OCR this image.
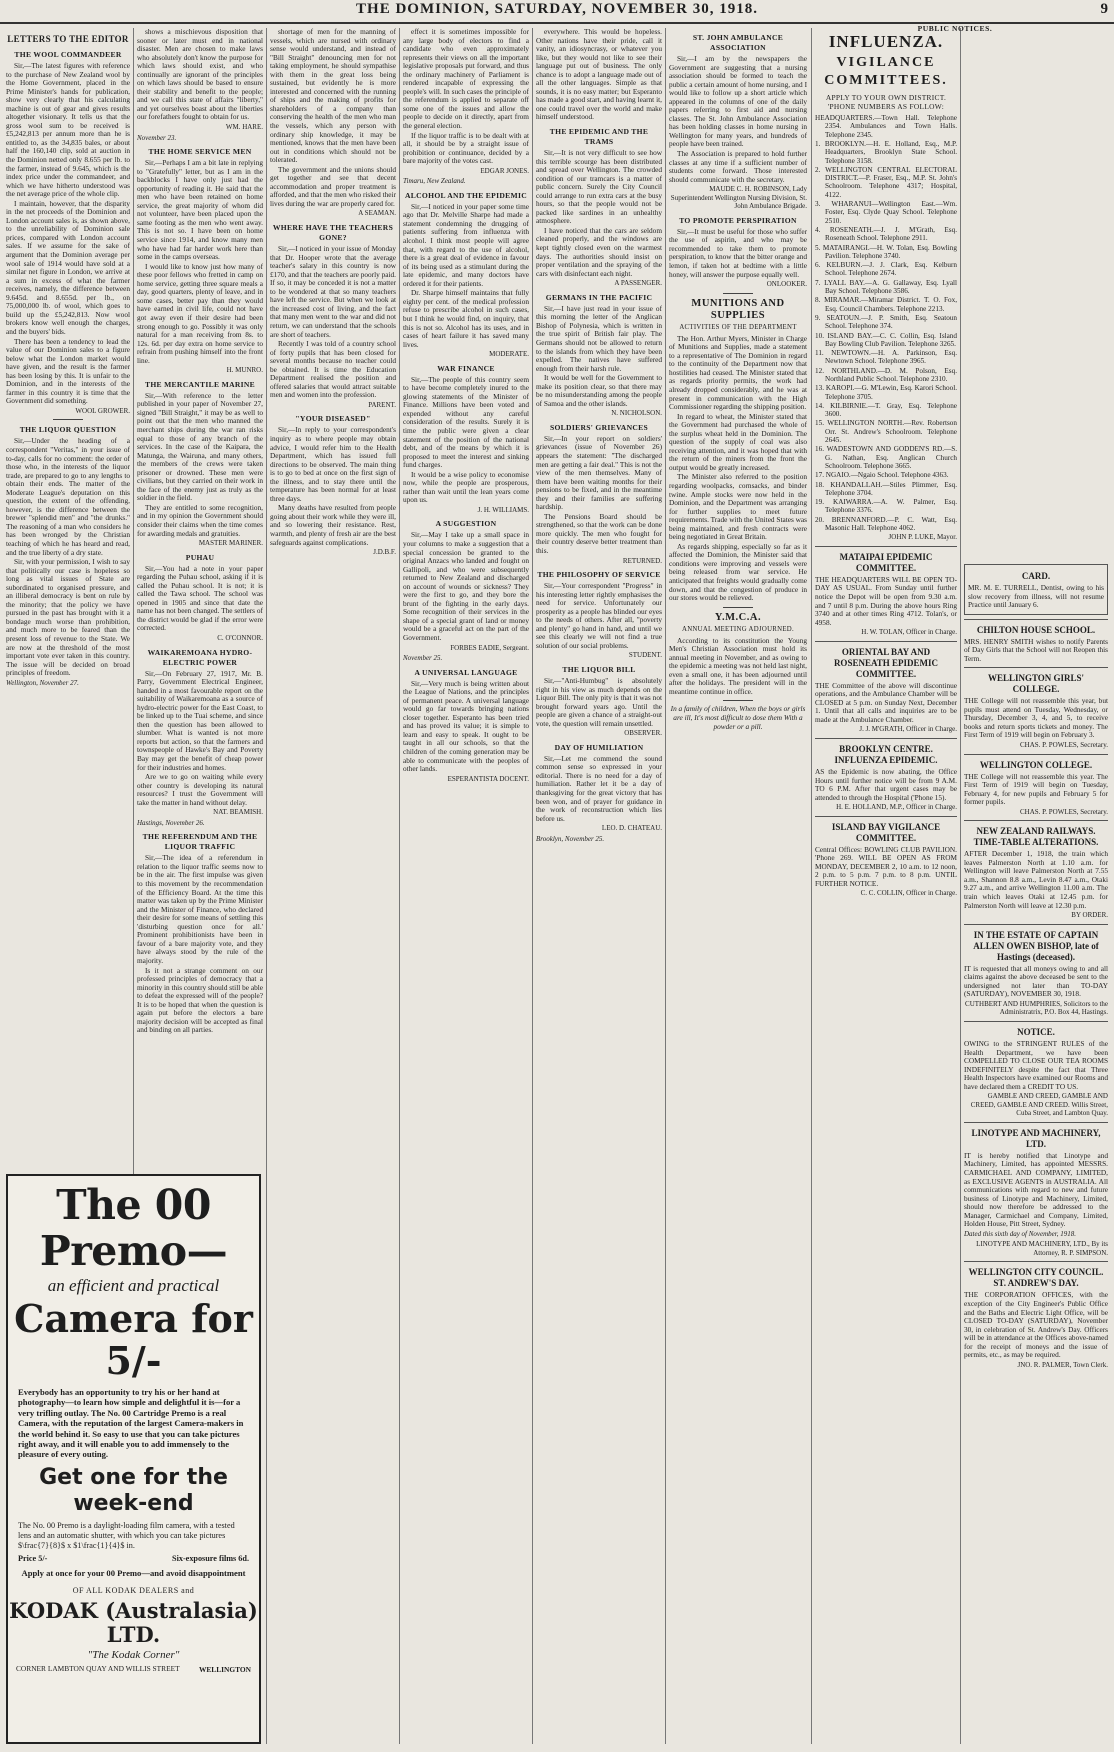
THE DOMINION, SATURDAY, NOVEMBER 30, 1918.	9
LETTERS TO THE EDITOR
THE WOOL COMMANDEER

Sir,—The latest figures with reference to the purchase of New Zealand wool by the Home Government, placed in the Prime Minister's hands for publication, show very clearly that his calculating machine is out of gear and gives results altogether visionary. It tells us that the gross wool sum to be received is £5,242,813 per annum more than he is entitled to, as the 34,835 bales, or about half the 160,140 clip, sold at auction in the Dominion netted only 8.655 per lb. to the farmer, instead of 9.645, which is the index price under the commandeer, and which we have hitherto understood was the net average price of the whole clip.

I maintain, however, that the disparity in the net proceeds of the Dominion and London account sales is, as shown above, to the unreliability of Dominion sale prices, compared with London account sales. If we assume for the sake of argument that the Dominion average per wool sale of 1914 would have sold at a similar net figure in London, we arrive at a sum in excess of what the farmer receives, namely, the difference between 9.645d. and 8.655d. per lb., on 75,000,000 lb. of wool, which goes to build up the £5,242,813. Now wool brokers know well enough the charges, and the buyers' bids.

There has been a tendency to lead the value of our Dominion sales to a figure below what the London market would have given, and the result is the farmer has been losing by this. It is unfair to the Dominion, and in the interests of the farmer in this country it is time that the Government did something.

WOOL GROWER.
THE LIQUOR QUESTION

Sir,—Under the heading of a correspondent "Veritas," in your issue of to-day, calls for no comment: the order of those who, in the interests of the liquor trade, are prepared to go to any lengths to obtain their ends. The matter of the Moderate League's deputation on this question, the extent of the offending, however, is the difference between the brewer "splendid men" and "the drunks." The reasoning of a man who considers he has been wronged by the Christian teaching of which he has heard and read, and the true liberty of a dry state.

Sir, with your permission, I wish to say that politically our case is hopeless so long as vital issues of State are subordinated to organised pressure, and an illiberal democracy is bent on rule by the minority; that the policy we have pursued in the past has brought with it a bondage much worse than prohibition, and much more to be feared than the present loss of revenue to the State. We are now at the threshold of the most important vote ever taken in this country. The issue will be decided on broad principles of freedom.

Wellington, November 27.
The 00 Premo—
an efficient and practical
Camera for 5/-
Everybody has an opportunity to try his or her hand at photography—to learn how simple and delightful it is—for a very trifling outlay. The No. 00 Cartridge Premo is a real Camera, with the reputation of the largest Camera-makers in the world behind it. So easy to use that you can take pictures right away, and it will enable you to add immensely to the pleasure of every outing.
Get one for the week-end
The No. 00 Premo is a daylight-loading film camera, with a tested lens and an automatic shutter, with which you can take pictures $\frac{7}{8}$ x $1\frac{1}{4}$ in.
Price 5/-	Six-exposure films 6d.
Apply at once for your 00 Premo—and avoid disappointment
OF ALL KODAK DEALERS and
KODAK (Australasia) LTD.
"The Kodak Corner"
CORNER LAMBTON QUAY AND WILLIS STREET	WELLINGTON

shows a mischievous disposition that sooner or later must end in national disaster. Men are chosen to make laws who absolutely don't know the purpose for which laws should exist, and who continually are ignorant of the principles on which laws should be based to ensure their stability and benefit to the people; and we call this state of affairs "liberty," and yet ourselves boast about the liberties our forefathers fought to obtain for us.

WM. HARE.
November 23.
THE HOME SERVICE MEN

Sir,—Perhaps I am a bit late in replying to "Gratefully" letter, but as I am in the backblocks I have only just had the opportunity of reading it. He said that the men who have been retained on home service, the great majority of whom did not volunteer, have been placed upon the same footing as the men who went away. This is not so. I have been on home service since 1914, and know many men who have had far harder work here than some in the camps overseas.

I would like to know just how many of these poor fellows who fretted in camp on home service, getting three square meals a day, good quarters, plenty of leave, and in some cases, better pay than they would have earned in civil life, could not have got away even if their desire had been strong enough to go. Possibly it was only natural for a man receiving from 8s. to 12s. 6d. per day extra on home service to refrain from pushing himself into the front line.

H. MUNRO.
THE MERCANTILE MARINE

Sir,—With reference to the letter published in your paper of November 27, signed "Bill Straight," it may be as well to point out that the men who manned the merchant ships during the war ran risks equal to those of any branch of the services. In the case of the Kaipara, the Matunga, the Wairuna, and many others, the members of the crews were taken prisoner or drowned. These men were civilians, but they carried on their work in the face of the enemy just as truly as the soldier in the field.

They are entitled to some recognition, and in my opinion the Government should consider their claims when the time comes for awarding medals and gratuities.

MASTER MARINER.
PUHAU

Sir,—You had a note in your paper regarding the Puhau school, asking if it is called the Puhau school. It is not; it is called the Tawa school. The school was opened in 1905 and since that date the name has not been changed. The settlers of the district would be glad if the error were corrected.

C. O'CONNOR.
WAIKAREMOANA HYDRO-ELECTRIC POWER

Sir,—On February 27, 1917, Mr. B. Parry, Government Electrical Engineer, handed in a most favourable report on the suitability of Waikaremoana as a source of hydro-electric power for the East Coast, to be linked up to the Tuai scheme, and since then the question has been allowed to slumber. What is wanted is not more reports but action, so that the farmers and townspeople of Hawke's Bay and Poverty Bay may get the benefit of cheap power for their industries and homes.

Are we to go on waiting while every other country is developing its natural resources? I trust the Government will take the matter in hand without delay.

NAT. BEAMISH.
Hastings, November 26.
THE REFERENDUM AND THE LIQUOR TRAFFIC

Sir,—The idea of a referendum in relation to the liquor traffic seems now to be in the air. The first impulse was given to this movement by the recommendation of the Efficiency Board. At the time this matter was taken up by the Prime Minister and the Minister of Finance, who declared their desire for some means of settling this 'disturbing question once for all.' Prominent prohibitionists have been in favour of a bare majority vote, and they have always stood by the rule of the majority.

Is it not a strange comment on our professed principles of democracy that a minority in this country should still be able to defeat the expressed will of the people? It is to be hoped that when the question is again put before the electors a bare majority decision will be accepted as final and binding on all parties.

shortage of men for the manning of vessels, which are nursed with ordinary sense would understand, and instead of "Bill Straight" denouncing men for not taking employment, he should sympathise with them in the great loss being sustained, but evidently he is more interested and concerned with the running of ships and the making of profits for shareholders of a company than conserving the health of the men who man the vessels, which any person with ordinary ship knowledge, it may be mentioned, knows that the men have been out in conditions which should not be tolerated.

The government and the unions should get together and see that decent accommodation and proper treatment is afforded, and that the men who risked their lives during the war are properly cared for.

A SEAMAN.
WHERE HAVE THE TEACHERS GONE?

Sir,—I noticed in your issue of Monday that Dr. Hooper wrote that the average teacher's salary in this country is now £170, and that the teachers are poorly paid. If so, it may be conceded it is not a matter to be wondered at that so many teachers have left the service. But when we look at the increased cost of living, and the fact that many men went to the war and did not return, we can understand that the schools are short of teachers.

Recently I was told of a country school of forty pupils that has been closed for several months because no teacher could be obtained. It is time the Education Department realised the position and offered salaries that would attract suitable men and women into the profession.

PARENT.
"YOUR DISEASED"

Sir,—In reply to your correspondent's inquiry as to where people may obtain advice, I would refer him to the Health Department, which has issued full directions to be observed. The main thing is to go to bed at once on the first sign of the illness, and to stay there until the temperature has been normal for at least three days.

Many deaths have resulted from people going about their work while they were ill, and so lowering their resistance. Rest, warmth, and plenty of fresh air are the best safeguards against complications.

J.D.B.F.

effect it is sometimes impossible for any large body of electors to find a candidate who even approximately represents their views on all the important legislative proposals put forward, and thus the ordinary machinery of Parliament is rendered incapable of expressing the people's will. In such cases the principle of the referendum is applied to separate off some one of the issues and allow the people to decide on it directly, apart from the general election.

If the liquor traffic is to be dealt with at all, it should be by a straight issue of prohibition or continuance, decided by a bare majority of the votes cast.

EDGAR JONES.
Timaru, New Zealand.
ALCOHOL AND THE EPIDEMIC

Sir,—I noticed in your paper some time ago that Dr. Melville Sharpe had made a statement condemning the drugging of patients suffering from influenza with alcohol. I think most people will agree that, with regard to the use of alcohol, there is a great deal of evidence in favour of its being used as a stimulant during the late epidemic, and many doctors have ordered it for their patients.

Dr. Sharpe himself maintains that fully eighty per cent. of the medical profession refuse to prescribe alcohol in such cases, but I think he would find, on inquiry, that this is not so. Alcohol has its uses, and in cases of heart failure it has saved many lives.

MODERATE.
WAR FINANCE

Sir,—The people of this country seem to have become completely inured to the glowing statements of the Minister of Finance. Millions have been voted and expended without any careful consideration of the results. Surely it is time the public were given a clear statement of the position of the national debt, and of the means by which it is proposed to meet the interest and sinking fund charges.

It would be a wise policy to economise now, while the people are prosperous, rather than wait until the lean years come upon us.

J. H. WILLIAMS.
A SUGGESTION

Sir,—May I take up a small space in your columns to make a suggestion that a special concession be granted to the original Anzacs who landed and fought on Gallipoli, and who were subsequently returned to New Zealand and discharged on account of wounds or sickness? They were the first to go, and they bore the brunt of the fighting in the early days. Some recognition of their services in the shape of a special grant of land or money would be a graceful act on the part of the Government.

FORBES EADIE, Sergeant.
November 25.
A UNIVERSAL LANGUAGE

Sir,—Very much is being written about the League of Nations, and the principles of permanent peace. A universal language would go far towards bringing nations closer together. Esperanto has been tried and has proved its value; it is simple to learn and easy to speak. It ought to be taught in all our schools, so that the children of the coming generation may be able to communicate with the peoples of other lands.

ESPERANTISTA DOCENT.

everywhere. This would be hopeless. Other nations have their pride, call it vanity, an idiosyncrasy, or whatever you like, but they would not like to see their language put out of business. The only chance is to adopt a language made out of all the other languages. Simple as that sounds, it is no easy matter; but Esperanto has made a good start, and having learnt it, one could travel over the world and make himself understood.

THE EPIDEMIC AND THE TRAMS

Sir,—It is not very difficult to see how this terrible scourge has been distributed and spread over Wellington. The crowded condition of our tramcars is a matter of public concern. Surely the City Council could arrange to run extra cars at the busy hours, so that the people would not be packed like sardines in an unhealthy atmosphere.

I have noticed that the cars are seldom cleaned properly, and the windows are kept tightly closed even on the warmest days. The authorities should insist on proper ventilation and the spraying of the cars with disinfectant each night.

A PASSENGER.
GERMANS IN THE PACIFIC

Sir,—I have just read in your issue of this morning the letter of the Anglican Bishop of Polynesia, which is written in the true spirit of British fair play. The Germans should not be allowed to return to the islands from which they have been expelled. The natives have suffered enough from their harsh rule.

It would be well for the Government to make its position clear, so that there may be no misunderstanding among the people of Samoa and the other islands.

N. NICHOLSON.
SOLDIERS' GRIEVANCES

Sir,—In your report on soldiers' grievances (issue of November 26) appears the statement: "The discharged men are getting a fair deal." This is not the view of the men themselves. Many of them have been waiting months for their pensions to be fixed, and in the meantime they and their families are suffering hardship.

The Pensions Board should be strengthened, so that the work can be done more quickly. The men who fought for their country deserve better treatment than this.

RETURNED.
THE PHILOSOPHY OF SERVICE

Sir,—Your correspondent "Progress" in his interesting letter rightly emphasises the need for service. Unfortunately our prosperity as a people has blinded our eyes to the needs of others. After all, "poverty and plenty" go hand in hand, and until we see this clearly we will not find a true solution of our social problems.

STUDENT.
THE LIQUOR BILL

Sir,—"Anti-Humbug" is absolutely right in his view as much depends on the Liquor Bill. The only pity is that it was not brought forward years ago. Until the people are given a chance of a straight-out vote, the question will remain unsettled.

OBSERVER.
DAY OF HUMILIATION

Sir,—Let me commend the sound common sense so expressed in your editorial. There is no need for a day of humiliation. Rather let it be a day of thanksgiving for the great victory that has been won, and of prayer for guidance in the work of reconstruction which lies before us.

LEO. D. CHATEAU.
Brooklyn, November 25.
ST. JOHN AMBULANCE ASSOCIATION

Sir,—I am by the newspapers the Government are suggesting that a nursing association should be formed to teach the public a certain amount of home nursing, and I would like to follow up a short article which appeared in the columns of one of the daily papers referring to first aid and nursing classes. The St. John Ambulance Association has been holding classes in home nursing in Wellington for many years, and hundreds of people have been trained.

The Association is prepared to hold further classes at any time if a sufficient number of students come forward. Those interested should communicate with the secretary.

MAUDE C. H. ROBINSON, Lady Superintendent Wellington Nursing Division, St. John Ambulance Brigade.
TO PROMOTE PERSPIRATION

Sir,—It must be useful for those who suffer the use of aspirin, and who may be recommended to take them to promote perspiration, to know that the bitter orange and lemon, if taken hot at bedtime with a little honey, will answer the purpose equally well.

ONLOOKER.
MUNITIONS AND SUPPLIES
ACTIVITIES OF THE DEPARTMENT

The Hon. Arthur Myers, Minister in Charge of Munitions and Supplies, made a statement to a representative of The Dominion in regard to the continuity of the Department now that hostilities had ceased. The Minister stated that as regards priority permits, the work had already dropped considerably, and he was at present in communication with the High Commissioner regarding the shipping position.

In regard to wheat, the Minister stated that the Government had purchased the whole of the surplus wheat held in the Dominion. The question of the supply of coal was also receiving attention, and it was hoped that with the return of the miners from the front the output would be greatly increased.

The Minister also referred to the position regarding woolpacks, cornsacks, and binder twine. Ample stocks were now held in the Dominion, and the Department was arranging for further supplies to meet future requirements. Trade with the United States was being maintained, and fresh contracts were being negotiated in Great Britain.

As regards shipping, especially so far as it affected the Dominion, the Minister said that conditions were improving and vessels were being released from war service. He anticipated that freights would gradually come down, and that the congestion of produce in our stores would be relieved.

Y.M.C.A.
ANNUAL MEETING ADJOURNED.

According to its constitution the Young Men's Christian Association must hold its annual meeting in November, and as owing to the epidemic a meeting was not held last night, even a small one, it has been adjourned until after the holidays. The president will in the meantime continue in office.

In a family of children, When the boys or girls are ill, It's most difficult to dose them With a powder or a pill.

INFLUENZA.
VIGILANCE COMMITTEES.
APPLY TO YOUR OWN DISTRICT. 'PHONE NUMBERS AS FOLLOW:

HEADQUARTERS.—Town Hall. Telephone 2354. Ambulances and Town Halls. Telephone 2345.

1. BROOKLYN.—H. E. Holland, Esq., M.P. Headquarters, Brooklyn State School. Telephone 3158.

2. WELLINGTON CENTRAL ELECTORAL DISTRICT.—P. Fraser, Esq., M.P. St. John's Schoolroom. Telephone 4317; Hospital, 4122.

3. WHARANUI—Wellington East.—Wm. Foster, Esq. Clyde Quay School. Telephone 2510.

4. ROSENEATH.—J. J. M'Grath, Esq. Roseneath School. Telephone 2911.

5. MATAIRANGI.—H. W. Tolan, Esq. Bowling Pavilion. Telephone 3740.

6. KELBURN.—J. J. Clark, Esq. Kelburn School. Telephone 2674.

7. LYALL BAY.—A. G. Gallaway, Esq. Lyall Bay School. Telephone 3586.

8. MIRAMAR.—Miramar District. T. O. Fox, Esq. Council Chambers. Telephone 2213.

9. SEATOUN.—J. P. Smith, Esq. Seatoun School. Telephone 374.

10. ISLAND BAY.—C. C. Collin, Esq. Island Bay Bowling Club Pavilion. Telephone 3265.

11. NEWTOWN.—H. A. Parkinson, Esq. Newtown School. Telephone 3965.

12. NORTHLAND.—D. M. Polson, Esq. Northland Public School. Telephone 2310.

13. KAROPI.—G. M'Lewin, Esq. Karori School. Telephone 3705.

14. KILBIRNIE.—T. Gray, Esq. Telephone 3600.

15. WELLINGTON NORTH.—Rev. Robertson Orr. St. Andrew's Schoolroom. Telephone 2645.

16. WADESTOWN AND GODDEN'S RD.—S. G. Nathan, Esq. Anglican Church Schoolroom. Telephone 3665.

17. NGAIO.—Ngaio School. Telephone 4363.

18. KHANDALLAH.—Stiles Plimmer, Esq. Telephone 3704.

19. KAIWARRA.—A. W. Palmer, Esq. Telephone 3376.

20. BRENNANFORD.—P. C. Watt, Esq. Masonic Hall. Telephone 4062.

JOHN P. LUKE, Mayor.
MATAIPAI EPIDEMIC COMMITTEE.

THE HEADQUARTERS WILL BE OPEN TO-DAY AS USUAL. From Sunday until further notice the Depot will be open from 9.30 a.m. and 7 until 8 p.m. During the above hours Ring 3740 and at other times Ring 4712. Tolan's, or 4958.

H. W. TOLAN, Officer in Charge.
ORIENTAL BAY AND ROSENEATH EPIDEMIC COMMITTEE.

THE Committee of the above will discontinue operations, and the Ambulance Chamber will be CLOSED at 5 p.m. on Sunday Next, December 1. Until that all calls and inquiries are to be made at the Ambulance Chamber.

J. J. M'GRATH, Officer in Charge.
BROOKLYN CENTRE. INFLUENZA EPIDEMIC.

AS the Epidemic is now abating, the Office Hours until further notice will be from 9 A.M. TO 6 P.M. After that urgent cases may be attended to through the Hospital ('Phone 15).

H. E. HOLLAND, M.P., Officer in Charge.
ISLAND BAY VIGILANCE COMMITTEE.

Central Offices: BOWLING CLUB PAVILION. 'Phone 269. WILL BE OPEN AS FROM MONDAY, DECEMBER 2, 10 a.m. to 12 noon, 2 p.m. to 5 p.m. 7 p.m. to 8 p.m. UNTIL FURTHER NOTICE.

C. C. COLLIN, Officer in Charge.
PUBLIC NOTICES.
CARD.

MR. M. E. TURRELL, Dentist, owing to his slow recovery from illness, will not resume Practice until January 6.

CHILTON HOUSE SCHOOL.

MRS. HENRY SMITH wishes to notify Parents of Day Girls that the School will not Reopen this Term.

WELLINGTON GIRLS' COLLEGE.

THE College will not reassemble this year, but pupils must attend on Tuesday, Wednesday, or Thursday, December 3, 4, and 5, to receive books and return sports tickets and money. The First Term of 1919 will begin on February 3.

CHAS. P. POWLES, Secretary.
WELLINGTON COLLEGE.

THE College will not reassemble this year. The First Term of 1919 will begin on Tuesday, February 4, for new pupils and February 5 for former pupils.

CHAS. P. POWLES, Secretary.
NEW ZEALAND RAILWAYS. TIME-TABLE ALTERATIONS.

AFTER December 1, 1918, the train which leaves Palmerston North at 1.10 a.m. for Wellington will leave Palmerston North at 7.55 a.m., Shannon 8.8 a.m., Levin 8.47 a.m., Otaki 9.27 a.m., and arrive Wellington 11.00 a.m. The train which leaves Otaki at 12.45 p.m. for Palmerston North will leave at 12.30 p.m.

BY ORDER.
IN THE ESTATE OF CAPTAIN ALLEN OWEN BISHOP, late of Hastings (deceased).

IT is requested that all moneys owing to and all claims against the above deceased be sent to the undersigned not later than TO-DAY (SATURDAY), NOVEMBER 30, 1918.

CUTHBERT AND HUMPHRIES, Solicitors to the Administratrix, P.O. Box 44, Hastings.
NOTICE.

OWING to the STRINGENT RULES of the Health Department, we have been COMPELLED TO CLOSE OUR TEA ROOMS INDEFINITELY despite the fact that Three Health Inspectors have examined our Rooms and have declared them a CREDIT TO US.

GAMBLE AND CREED, GAMBLE AND CREED, GAMBLE AND CREED. Willis Street, Cuba Street, and Lambton Quay.
LINOTYPE AND MACHINERY, LTD.

IT is hereby notified that Linotype and Machinery, Limited, has appointed MESSRS. CARMICHAEL AND COMPANY, LIMITED, as EXCLUSIVE AGENTS in AUSTRALIA. All communications with regard to new and future business of Linotype and Machinery, Limited, should now therefore be addressed to the Manager, Carmichael and Company, Limited, Holden House, Pitt Street, Sydney.

Dated this sixth day of November, 1918.
LINOTYPE AND MACHINERY, LTD., By its Attorney, R. P. SIMPSON.
WELLINGTON CITY COUNCIL. ST. ANDREW'S DAY.

THE CORPORATION OFFICES, with the exception of the City Engineer's Public Office and the Baths and Electric Light Office, will be CLOSED TO-DAY (SATURDAY), November 30, in celebration of St. Andrew's Day. Officers will be in attendance at the Offices above-named for the receipt of moneys and the issue of permits, etc., as may be required.

JNO. R. PALMER, Town Clerk.
